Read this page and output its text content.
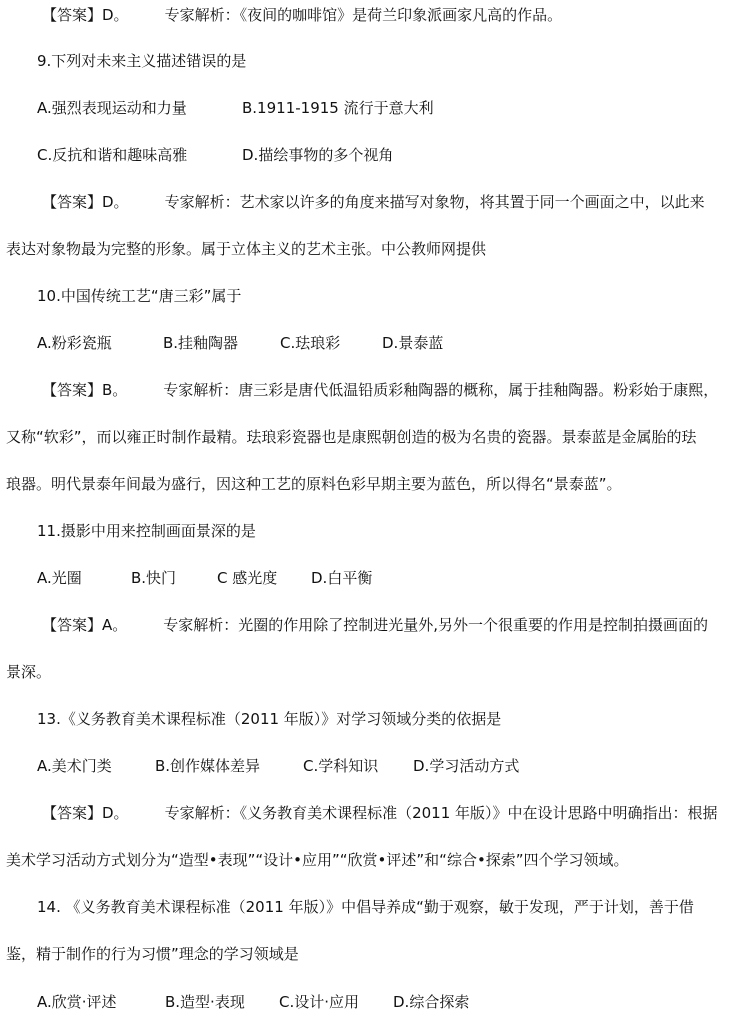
【答案】D。 专家解析：《夜间的咖啡馆》是荷兰印象派画家凡高的作品。
9.下列对未来主义描述错误的是
A.强烈表现运动和力量	B.1911-1915 流行于意大利
C.反抗和谐和趣味高雅	D.描绘事物的多个视角
【答案】D。 专家解析：艺术家以许多的角度来描写对象物，将其置于同一个画面之中，以此来
表达对象物最为完整的形象。属于立体主义的艺术主张。中公教师网提供
10.中国传统工艺“唐三彩”属于
A.粉彩瓷瓶	B.挂釉陶器	C.珐琅彩	D.景泰蓝
【答案】B。 专家解析：唐三彩是唐代低温铅质彩釉陶器的概称，属于挂釉陶器。粉彩始于康熙，
又称“软彩”，而以雍正时制作最精。珐琅彩瓷器也是康熙朝创造的极为名贵的瓷器。景泰蓝是金属胎的珐
琅器。明代景泰年间最为盛行，因这种工艺的原料色彩早期主要为蓝色，所以得名“景泰蓝”。
11.摄影中用来控制画面景深的是
A.光圈	B.快门	C 感光度 D.白平衡
【答案】A。 专家解析：光圈的作用除了控制进光量外,另外一个很重要的作用是控制拍摄画面的
景深。
13.《义务教育美术课程标准（2011 年版）》对学习领域分类的依据是
A.美术门类	B.创作媒体差异	C.学科知识 D.学习活动方式
【答案】D。 专家解析：《义务教育美术课程标准（2011 年版）》中在设计思路中明确指出：根据
美术学习活动方式划分为“造型•表现”“设计•应用”“欣赏•评述”和“综合•探索”四个学习领域。
14. 《义务教育美术课程标准（2011 年版）》中倡导养成“勤于观察，敏于发现，严于计划，善于借
鉴，精于制作的行为习惯”理念的学习领域是
A.欣赏·评述	B.造型·表现 C.设计·应用 D.综合探索
